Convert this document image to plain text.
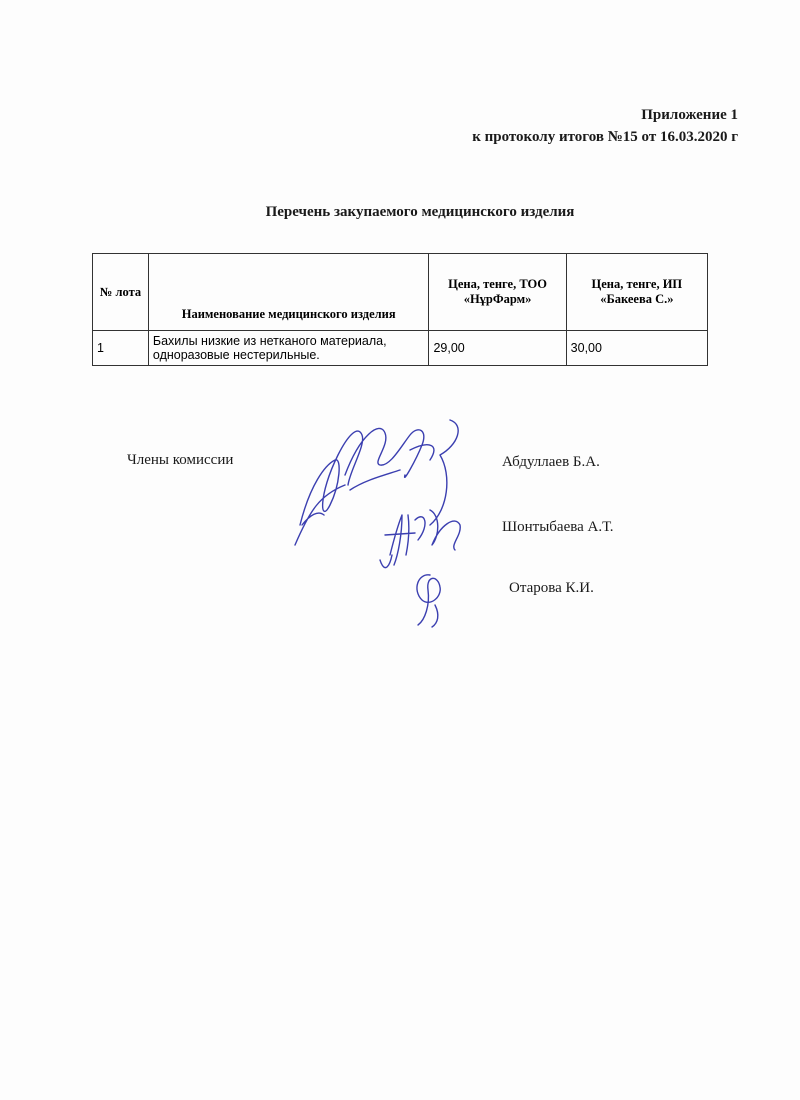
Приложение 1
к протоколу итогов №15 от 16.03.2020 г
Перечень закупаемого медицинского изделия
№ лота	Наименование медицинского изделия	Цена, тенге, ТОО «НұрФарм»	Цена, тенге, ИП «Бакеева С.»
1	Бахилы низкие из нетканого материала, одноразовые нестерильные.	29,00	30,00
Члены комиссии	Абдуллаев Б.А.
Шонтыбаева А.Т.
Отарова К.И.
